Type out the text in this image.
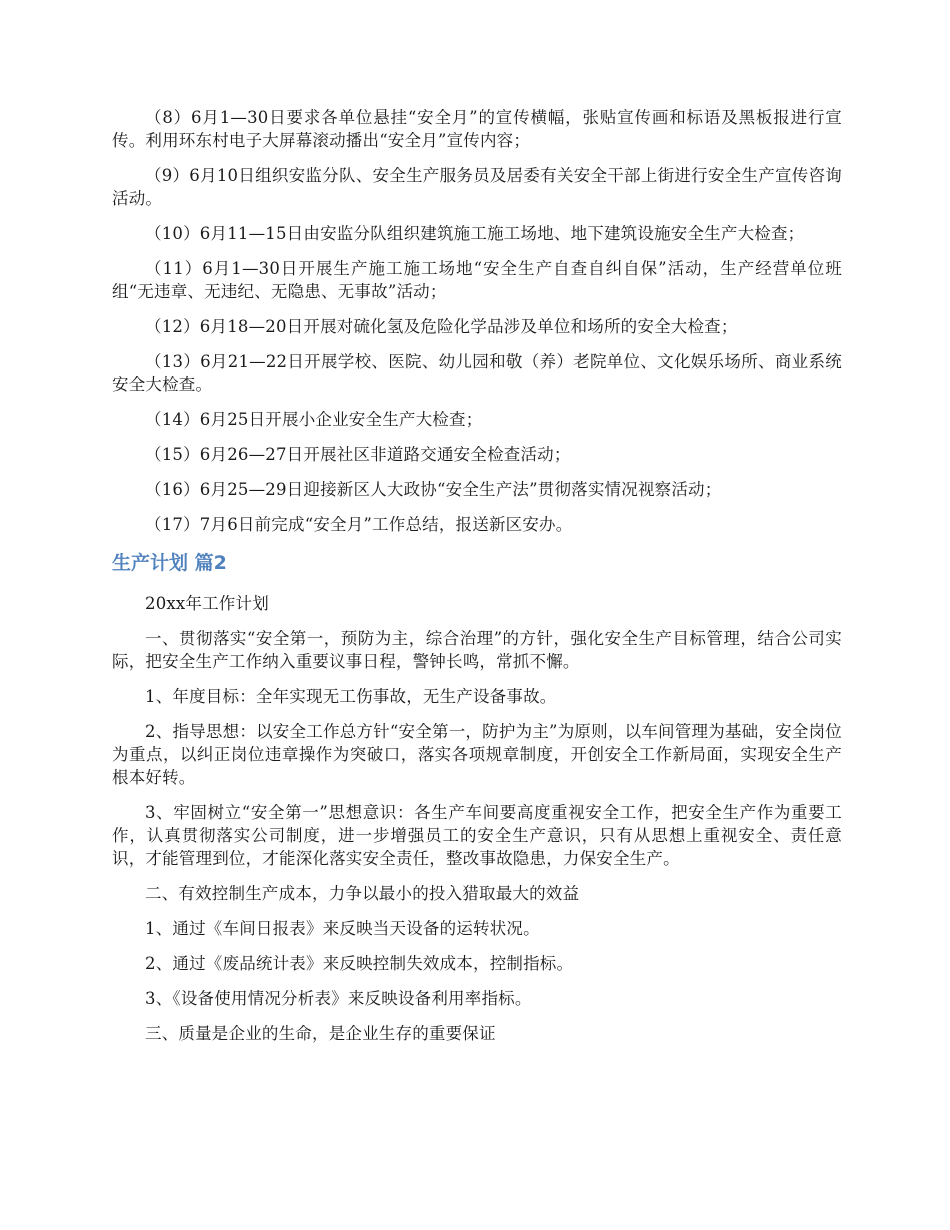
（8）6月1—30日要求各单位悬挂“安全月”的宣传横幅，张贴宣传画和标语及黑板报进行宣传。利用环东村电子大屏幕滚动播出“安全月”宣传内容；

（9）6月10日组织安监分队、安全生产服务员及居委有关安全干部上街进行安全生产宣传咨询活动。

（10）6月11—15日由安监分队组织建筑施工施工场地、地下建筑设施安全生产大检查；

（11）6月1—30日开展生产施工施工场地“安全生产自查自纠自保”活动，生产经营单位班组“无违章、无违纪、无隐患、无事故”活动；

（12）6月18—20日开展对硫化氢及危险化学品涉及单位和场所的安全大检查；

（13）6月21—22日开展学校、医院、幼儿园和敬（养）老院单位、文化娱乐场所、商业系统安全大检查。

（14）6月25日开展小企业安全生产大检查；

（15）6月26—27日开展社区非道路交通安全检查活动；

（16）6月25—29日迎接新区人大政协“安全生产法”贯彻落实情况视察活动；

（17）7月6日前完成“安全月”工作总结，报送新区安办。

生产计划 篇2

20xx年工作计划

一、贯彻落实“安全第一，预防为主，综合治理”的方针，强化安全生产目标管理，结合公司实际，把安全生产工作纳入重要议事日程，警钟长鸣，常抓不懈。

1、年度目标：全年实现无工伤事故，无生产设备事故。

2、指导思想：以安全工作总方针“安全第一，防护为主”为原则，以车间管理为基础，安全岗位为重点，以纠正岗位违章操作为突破口，落实各项规章制度，开创安全工作新局面，实现安全生产根本好转。

3、牢固树立“安全第一”思想意识：各生产车间要高度重视安全工作，把安全生产作为重要工作，认真贯彻落实公司制度，进一步增强员工的安全生产意识，只有从思想上重视安全、责任意识，才能管理到位，才能深化落实安全责任，整改事故隐患，力保安全生产。

二、有效控制生产成本，力争以最小的投入猎取最大的效益

1、通过《车间日报表》来反映当天设备的运转状况。

2、通过《废品统计表》来反映控制失效成本，控制指标。

3、《设备使用情况分析表》来反映设备利用率指标。

三、质量是企业的生命，是企业生存的重要保证
